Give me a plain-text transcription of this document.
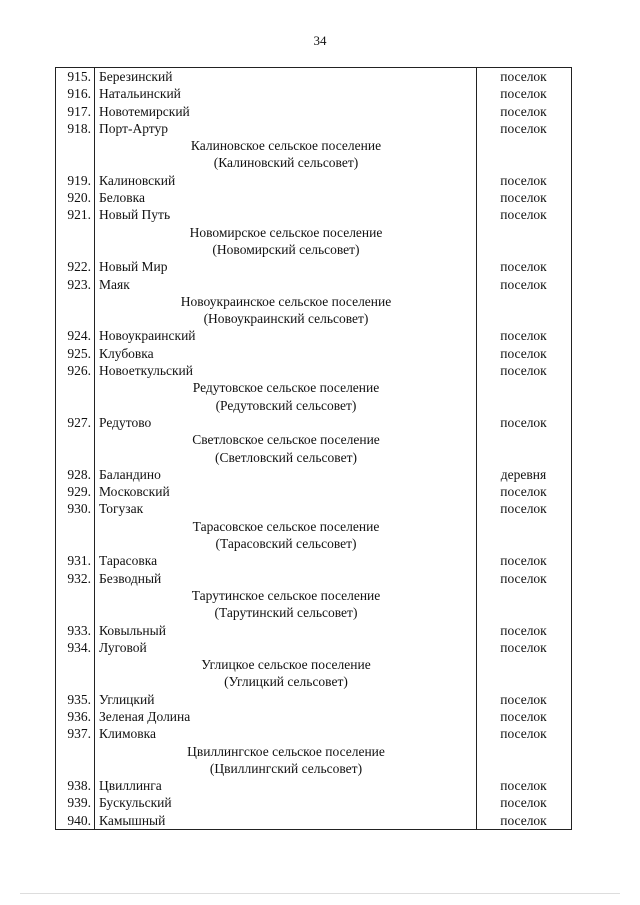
34
915. Березинский	поселок
916. Натальинский	поселок
917. Новотемирский	поселок
918. Порт-Артур	поселок
Калиновское сельское поселение
(Калиновский сельсовет)
919. Калиновский	поселок
920. Беловка	поселок
921. Новый Путь	поселок
Новомирское сельское поселение
(Новомирский сельсовет)
922. Новый Мир	поселок
923. Маяк	поселок
Новоукраинское сельское поселение
(Новоукраинский сельсовет)
924. Новоукраинский	поселок
925. Клубовка	поселок
926. Новоеткульский	поселок
Редутовское сельское поселение
(Редутовский сельсовет)
927. Редутово	поселок
Светловское сельское поселение
(Светловский сельсовет)
928. Баландино	деревня
929. Московский	поселок
930. Тогузак	поселок
Тарасовское сельское поселение
(Тарасовский сельсовет)
931. Тарасовка	поселок
932. Безводный	поселок
Тарутинское сельское поселение
(Тарутинский сельсовет)
933. Ковыльный	поселок
934. Луговой	поселок
Углицкое сельское поселение
(Углицкий сельсовет)
935. Углицкий	поселок
936. Зеленая Долина	поселок
937. Климовка	поселок
Цвиллингское сельское поселение
(Цвиллингский сельсовет)
938. Цвиллинга	поселок
939. Бускульский	поселок
940. Камышный	поселок
